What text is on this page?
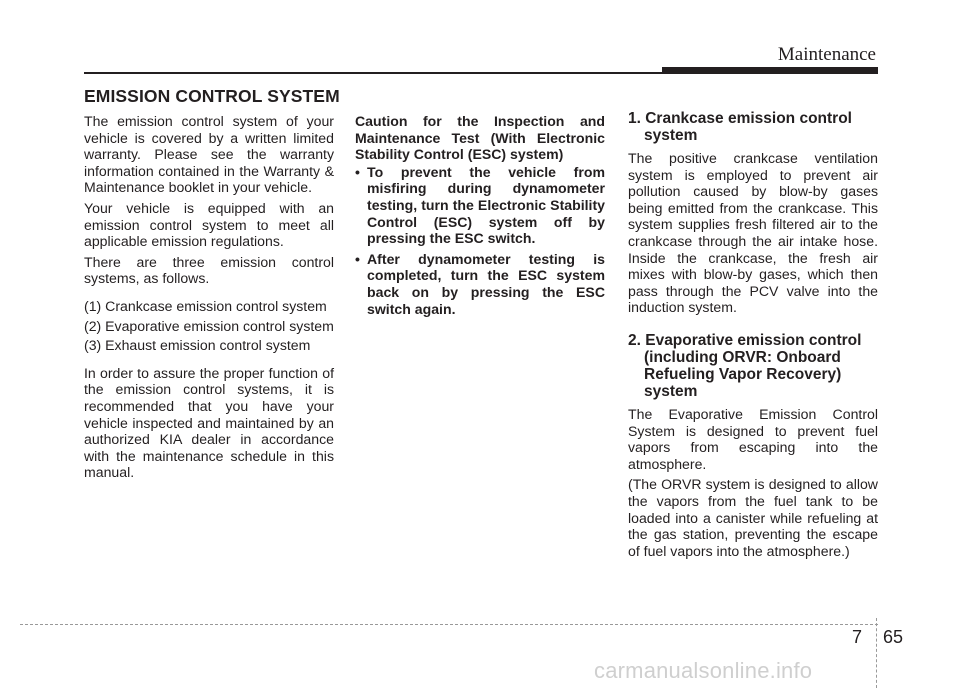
Maintenance
EMISSION CONTROL SYSTEM

The emission control system of your vehicle is covered by a written limited warranty. Please see the warranty information contained in the Warranty & Maintenance booklet in your vehicle.

Your vehicle is equipped with an emission control system to meet all applicable emission regulations.

There are three emission control systems, as follows.

(1) Crankcase emission control system

(2) Evaporative emission control system

(3) Exhaust emission control system

In order to assure the proper function of the emission control systems, it is recommended that you have your vehicle inspected and maintained by an authorized KIA dealer in accordance with the maintenance schedule in this manual.

Caution for the Inspection and Maintenance Test (With Electronic Stability Control (ESC) system)

• To prevent the vehicle from misfiring during dynamometer testing, turn the Electronic Stability Control (ESC) system off by pressing the ESC switch.
• After dynamometer testing is completed, turn the ESC system back on by pressing the ESC switch again.
1. Crankcase emission control system

The positive crankcase ventilation system is employed to prevent air pollution caused by blow-by gases being emitted from the crankcase. This system supplies fresh filtered air to the crankcase through the air intake hose. Inside the crankcase, the fresh air mixes with blow-by gases, which then pass through the PCV valve into the induction system.

2. Evaporative emission control (including ORVR: Onboard Refueling Vapor Recovery) system

The Evaporative Emission Control System is designed to prevent fuel vapors from escaping into the atmosphere.

(The ORVR system is designed to allow the vapors from the fuel tank to be loaded into a canister while refueling at the gas station, preventing the escape of fuel vapors into the atmosphere.)

7 65
carmanualsonline.info
